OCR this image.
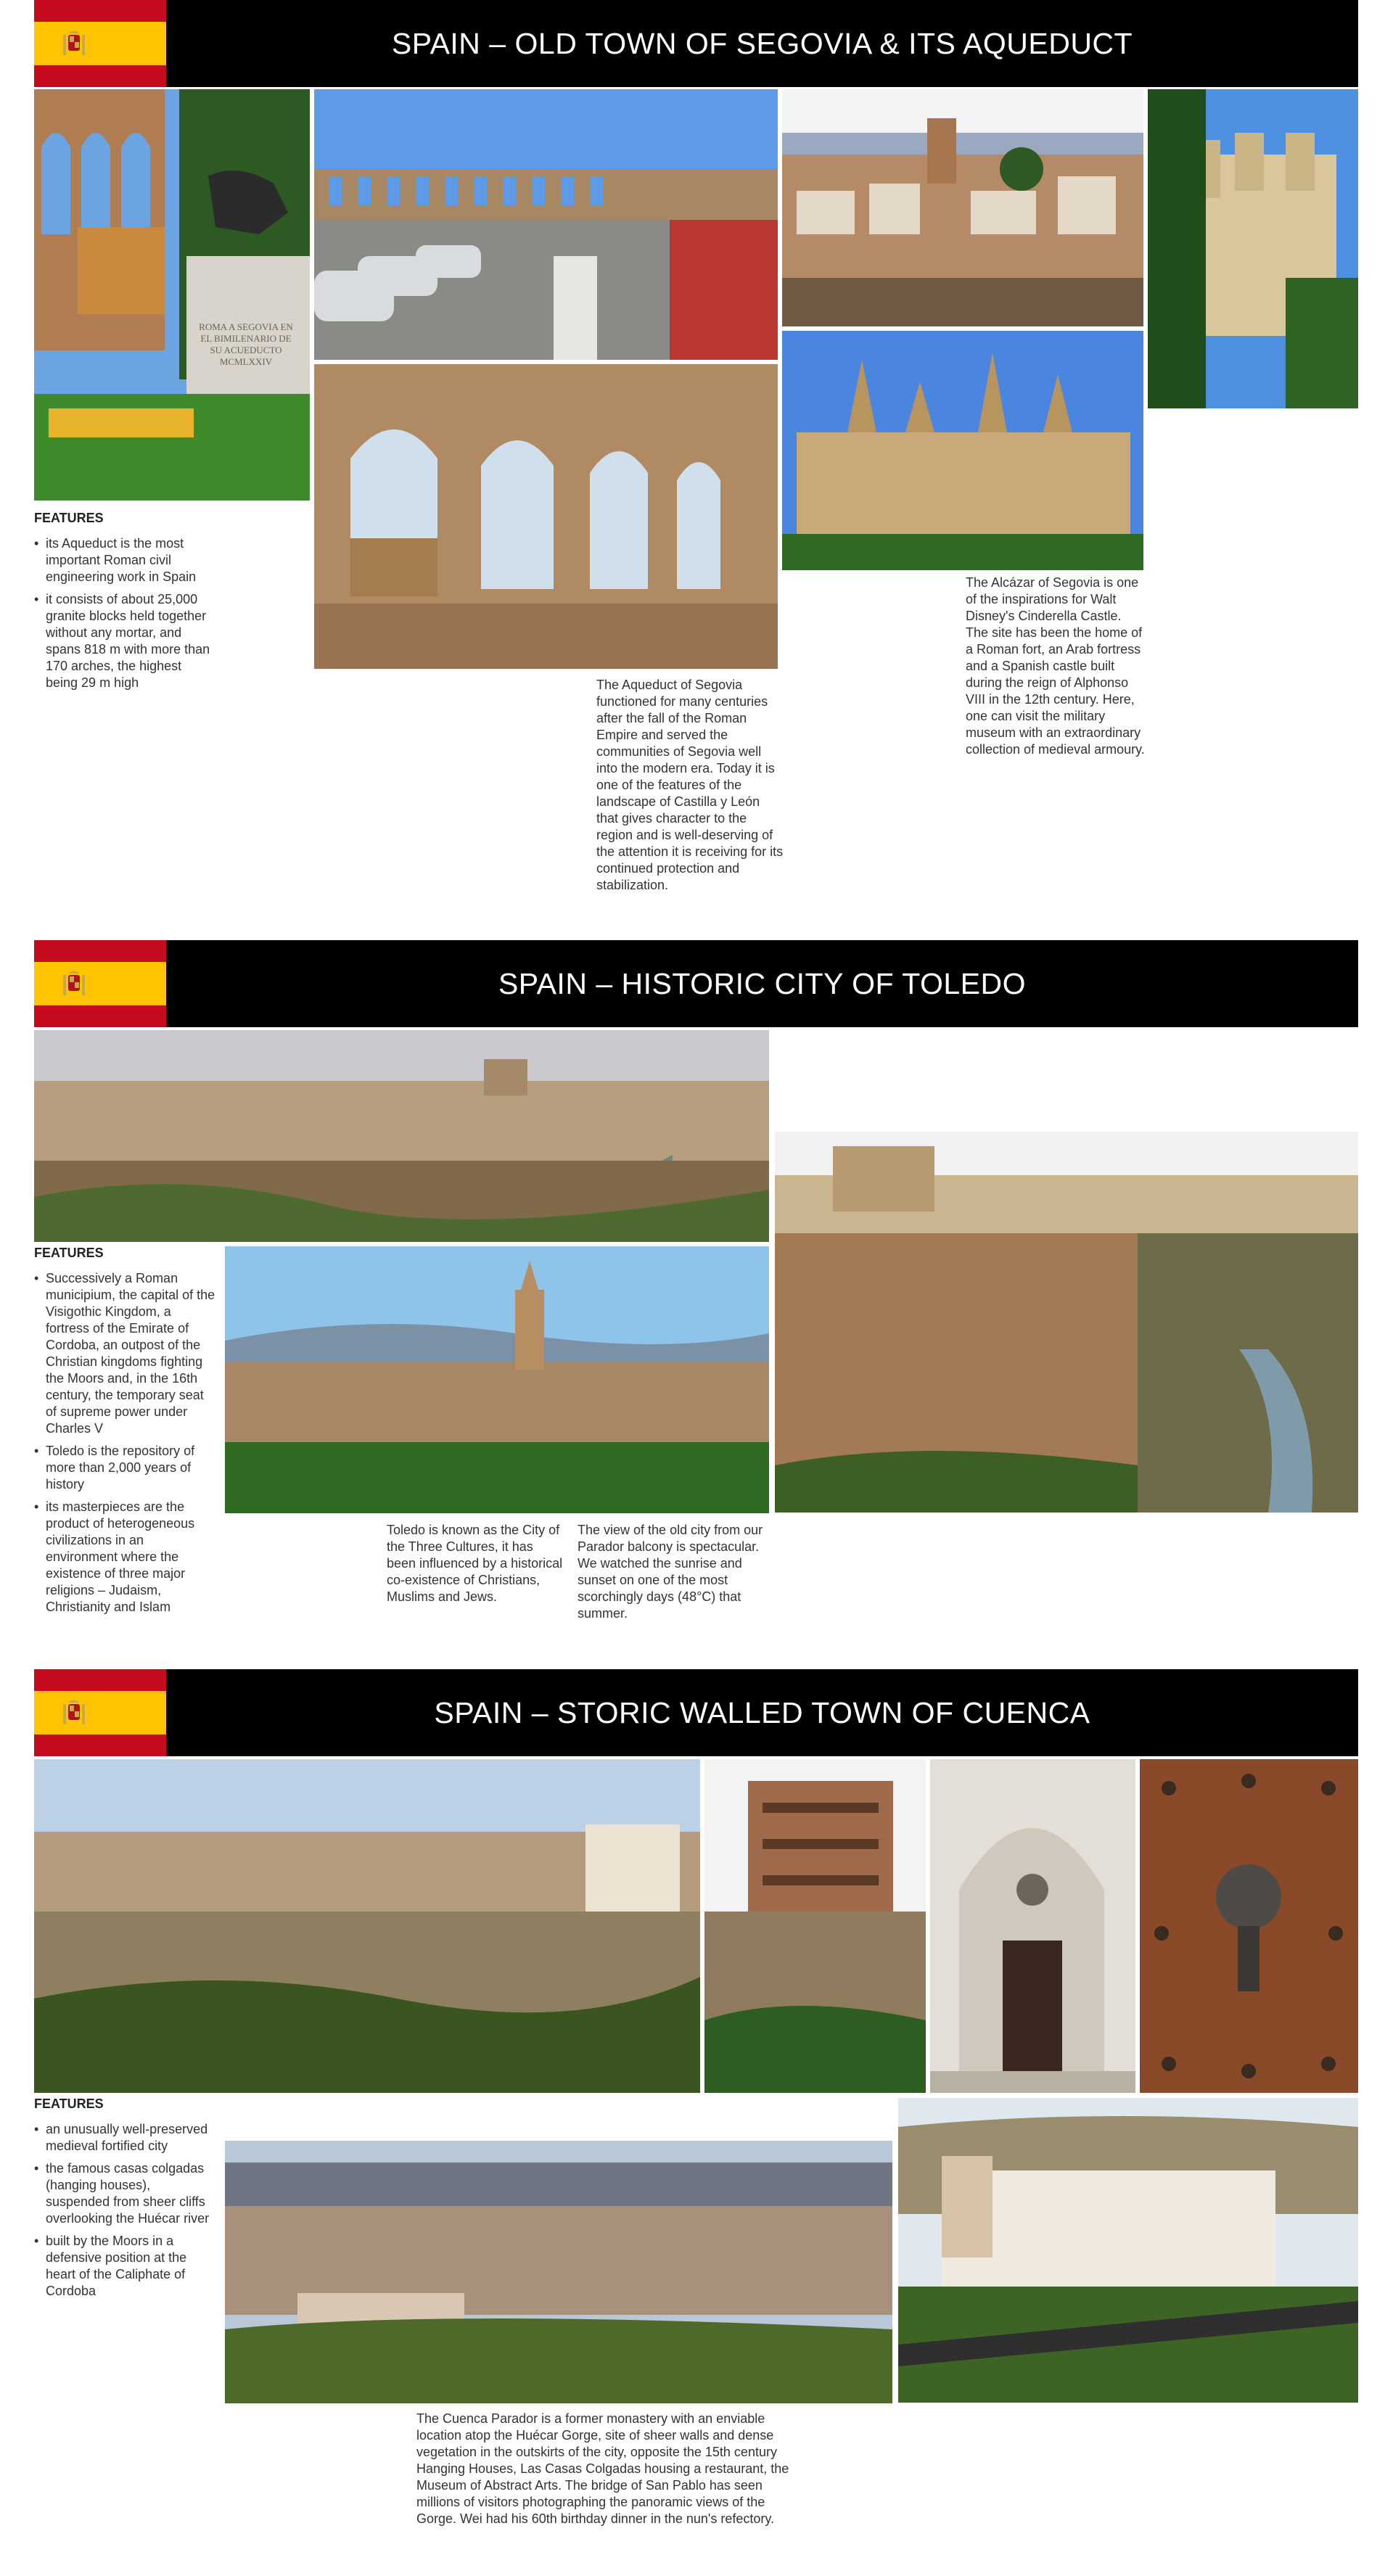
SPAIN – OLD TOWN OF SEGOVIA & ITS AQUEDUCT
ROMA A SEGOVIA EN EL BIMILENARIO DE SU ACUEDUCTO MCMLXXIV
FEATURES
• its Aqueduct is the most important Roman civil engineering work in Spain
• it consists of about 25,000 granite blocks held together without any mortar, and spans 818 m with more than 170 arches, the highest being 29 m high	The Aqueduct of Segovia functioned for many centuries after the fall of the Roman Empire and served the communities of Segovia well into the modern era. Today it is one of the features of the landscape of Castilla y León that gives character to the region and is well-deserving of the attention it is receiving for its continued protection and stabilization.
The Alcázar of Segovia is one of the inspirations for Walt Disney's Cinderella Castle. The site has been the home of a Roman fort, an Arab fortress and a Spanish castle built during the reign of Alphonso VIII in the 12th century. Here, one can visit the military museum with an extraordinary collection of medieval armoury.
SPAIN – HISTORIC CITY OF TOLEDO
FEATURES
• Successively a Roman municipium, the capital of the Visigothic Kingdom, a fortress of the Emirate of Cordoba, an outpost of the Christian kingdoms fighting the Moors and, in the 16th century, the temporary seat of supreme power under Charles V
• Toledo is the repository of more than 2,000 years of history
• its masterpieces are the product of heterogeneous civilizations in an environment where the existence of three major religions – Judaism, Christianity and Islam
Toledo is known as the City of the Three Cultures, it has been influenced by a historical co-existence of Christians, Muslims and Jews.
The view of the old city from our Parador balcony is spectacular. We watched the sunrise and sunset on one of the most scorchingly days (48°C) that summer.
SPAIN – STORIC WALLED TOWN OF CUENCA
FEATURES
• an unusually well-preserved medieval fortified city
• the famous casas colgadas (hanging houses), suspended from sheer cliffs overlooking the Huécar river
• built by the Moors in a defensive position at the heart of the Caliphate of Cordoba
The Cuenca Parador is a former monastery with an enviable location atop the Huécar Gorge, site of sheer walls and dense vegetation in the outskirts of the city, opposite the 15th century Hanging Houses, Las Casas Colgadas housing a restaurant, the Museum of Abstract Arts. The bridge of San Pablo has seen millions of visitors photographing the panoramic views of the Gorge. Wei had his 60th birthday dinner in the nun's refectory.
